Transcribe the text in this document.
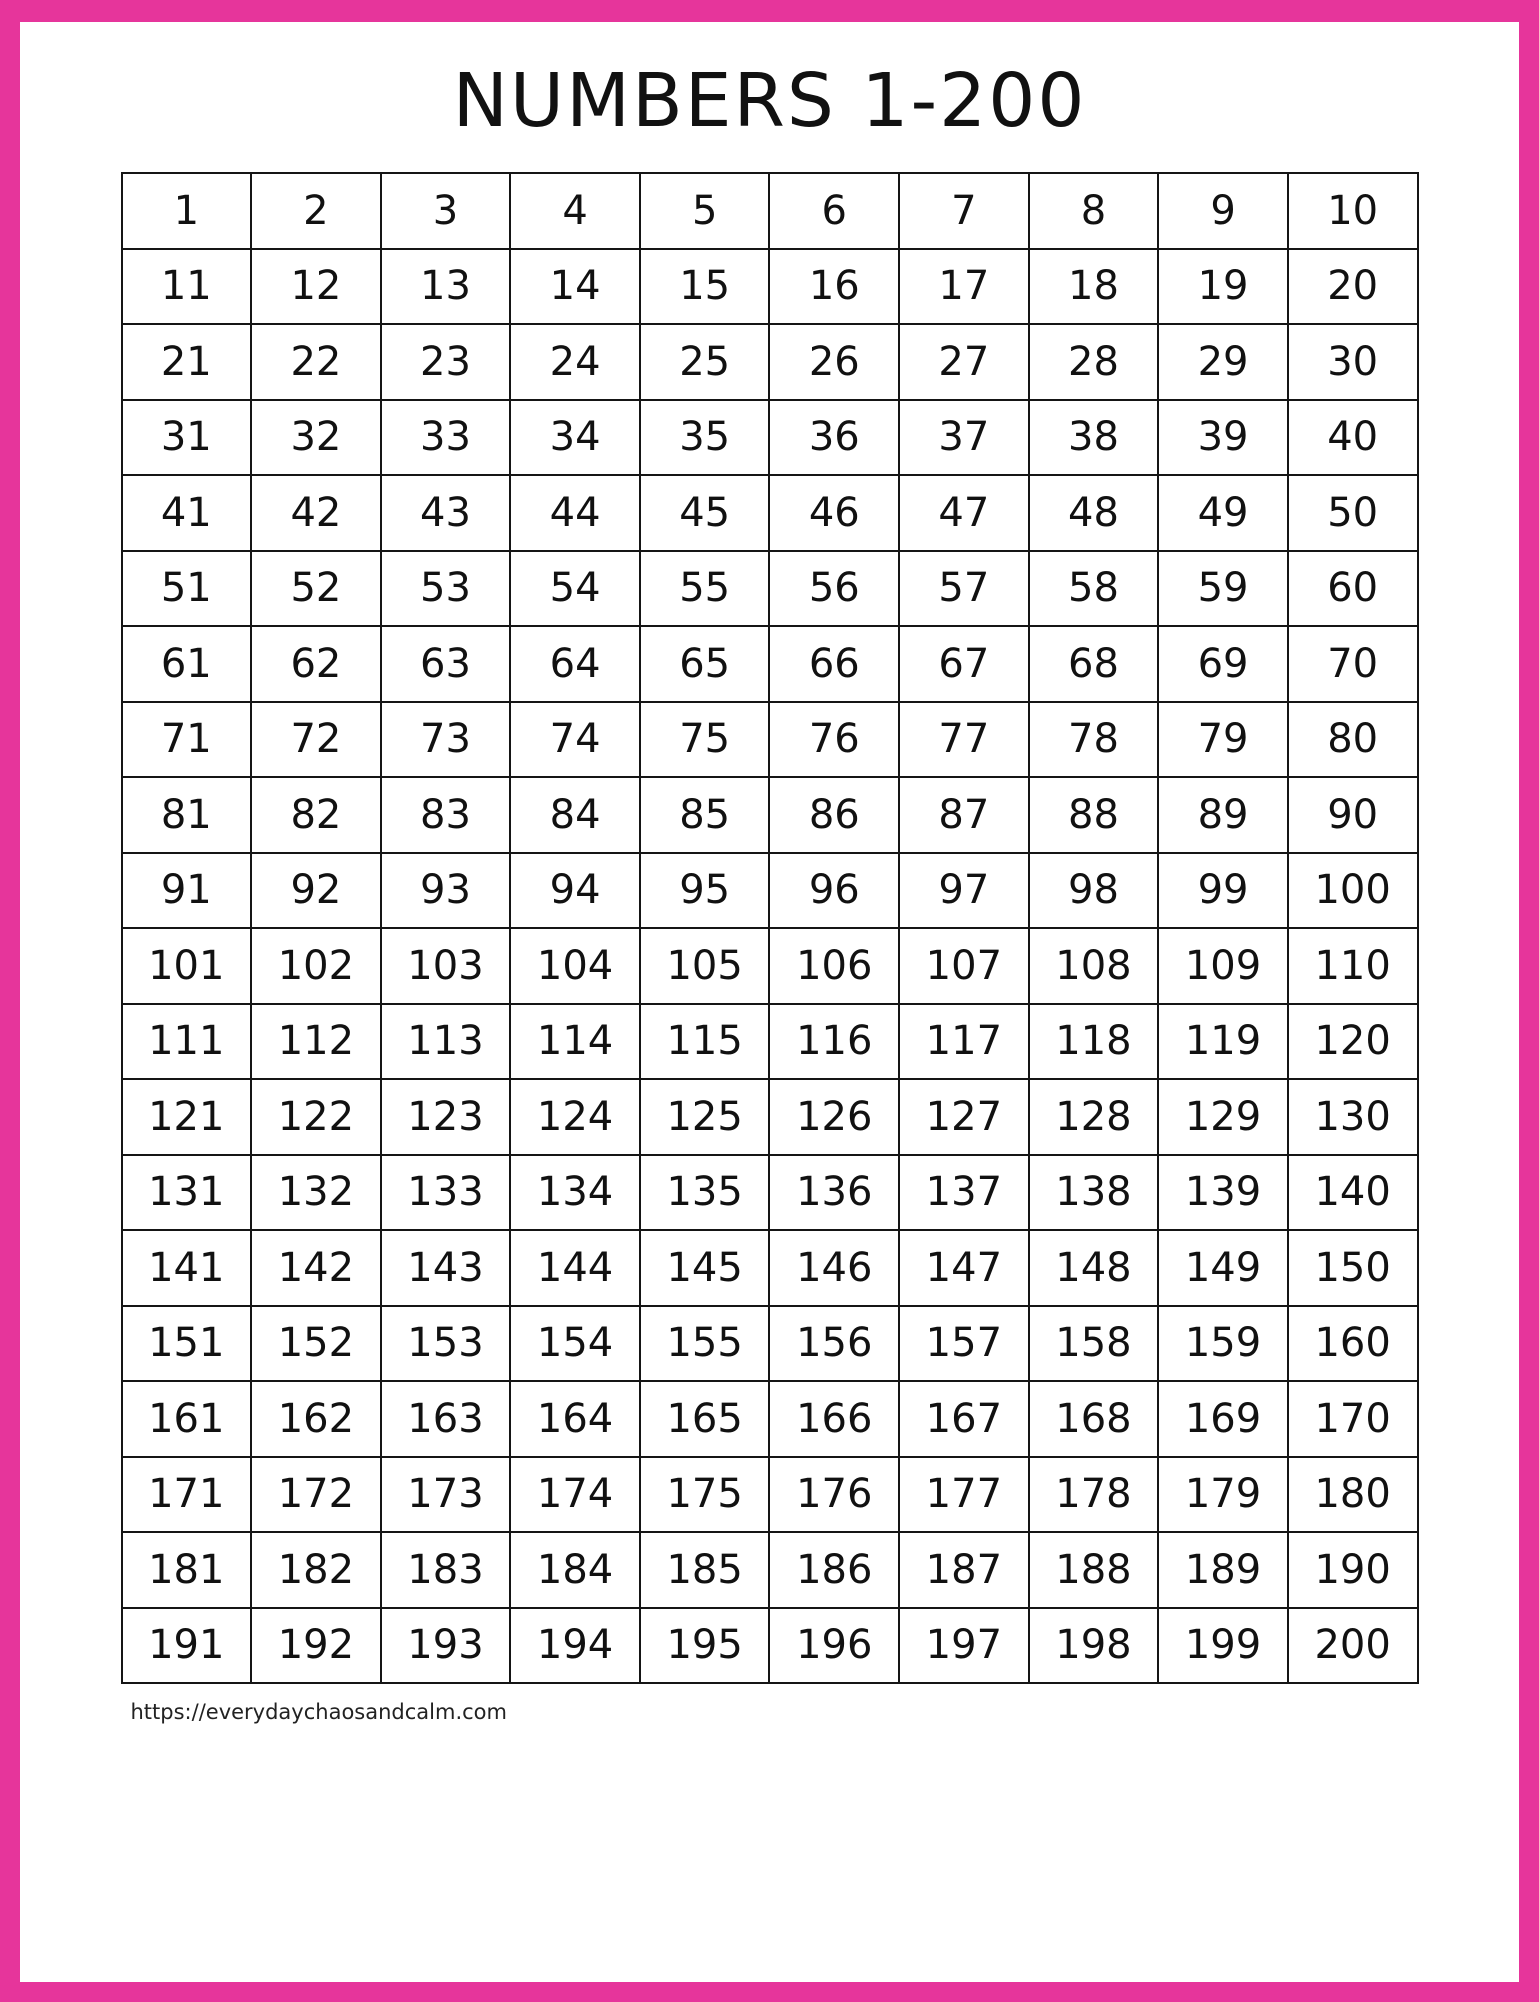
NUMBERS 1-200
1	2	3	4	5	6	7	8	9	10
11	12	13	14	15	16	17	18	19	20
21	22	23	24	25	26	27	28	29	30
31	32	33	34	35	36	37	38	39	40
41	42	43	44	45	46	47	48	49	50
51	52	53	54	55	56	57	58	59	60
61	62	63	64	65	66	67	68	69	70
71	72	73	74	75	76	77	78	79	80
81	82	83	84	85	86	87	88	89	90
91	92	93	94	95	96	97	98	99	100
101	102	103	104	105	106	107	108	109	110
111	112	113	114	115	116	117	118	119	120
121	122	123	124	125	126	127	128	129	130
131	132	133	134	135	136	137	138	139	140
141	142	143	144	145	146	147	148	149	150
151	152	153	154	155	156	157	158	159	160
161	162	163	164	165	166	167	168	169	170
171	172	173	174	175	176	177	178	179	180
181	182	183	184	185	186	187	188	189	190
191	192	193	194	195	196	197	198	199	200
https://everydaychaosandcalm.com
